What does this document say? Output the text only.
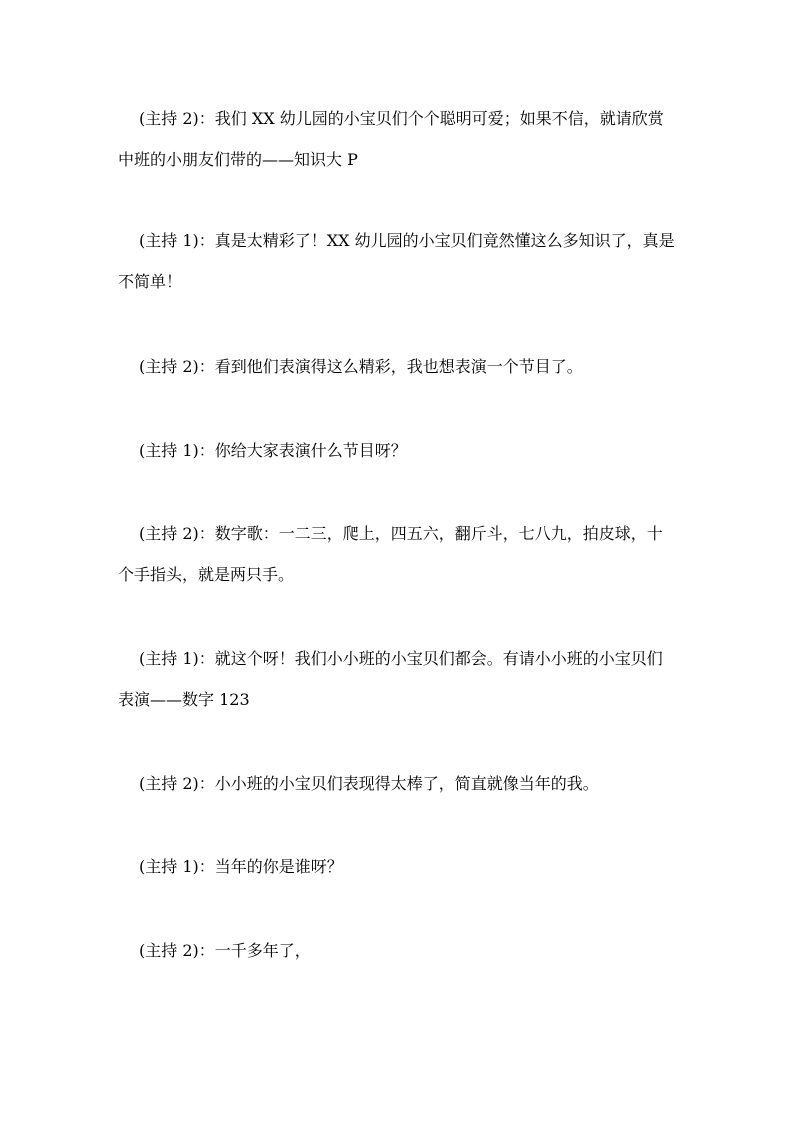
(主持 2)：我们 XX 幼儿园的小宝贝们个个聪明可爱；如果不信，就请欣赏中班的小朋友们带的——知识大 P

(主持 1)：真是太精彩了！XX 幼儿园的小宝贝们竟然懂这么多知识了，真是不简单！

(主持 2)：看到他们表演得这么精彩，我也想表演一个节目了。

(主持 1)：你给大家表演什么节目呀？

(主持 2)：数字歌：一二三，爬上，四五六，翻斤斗，七八九，拍皮球，十个手指头，就是两只手。

(主持 1)：就这个呀！我们小小班的小宝贝们都会。有请小小班的小宝贝们表演——数字 123

(主持 2)：小小班的小宝贝们表现得太棒了，简直就像当年的我。

(主持 1)：当年的你是谁呀？

(主持 2)：一千多年了，
